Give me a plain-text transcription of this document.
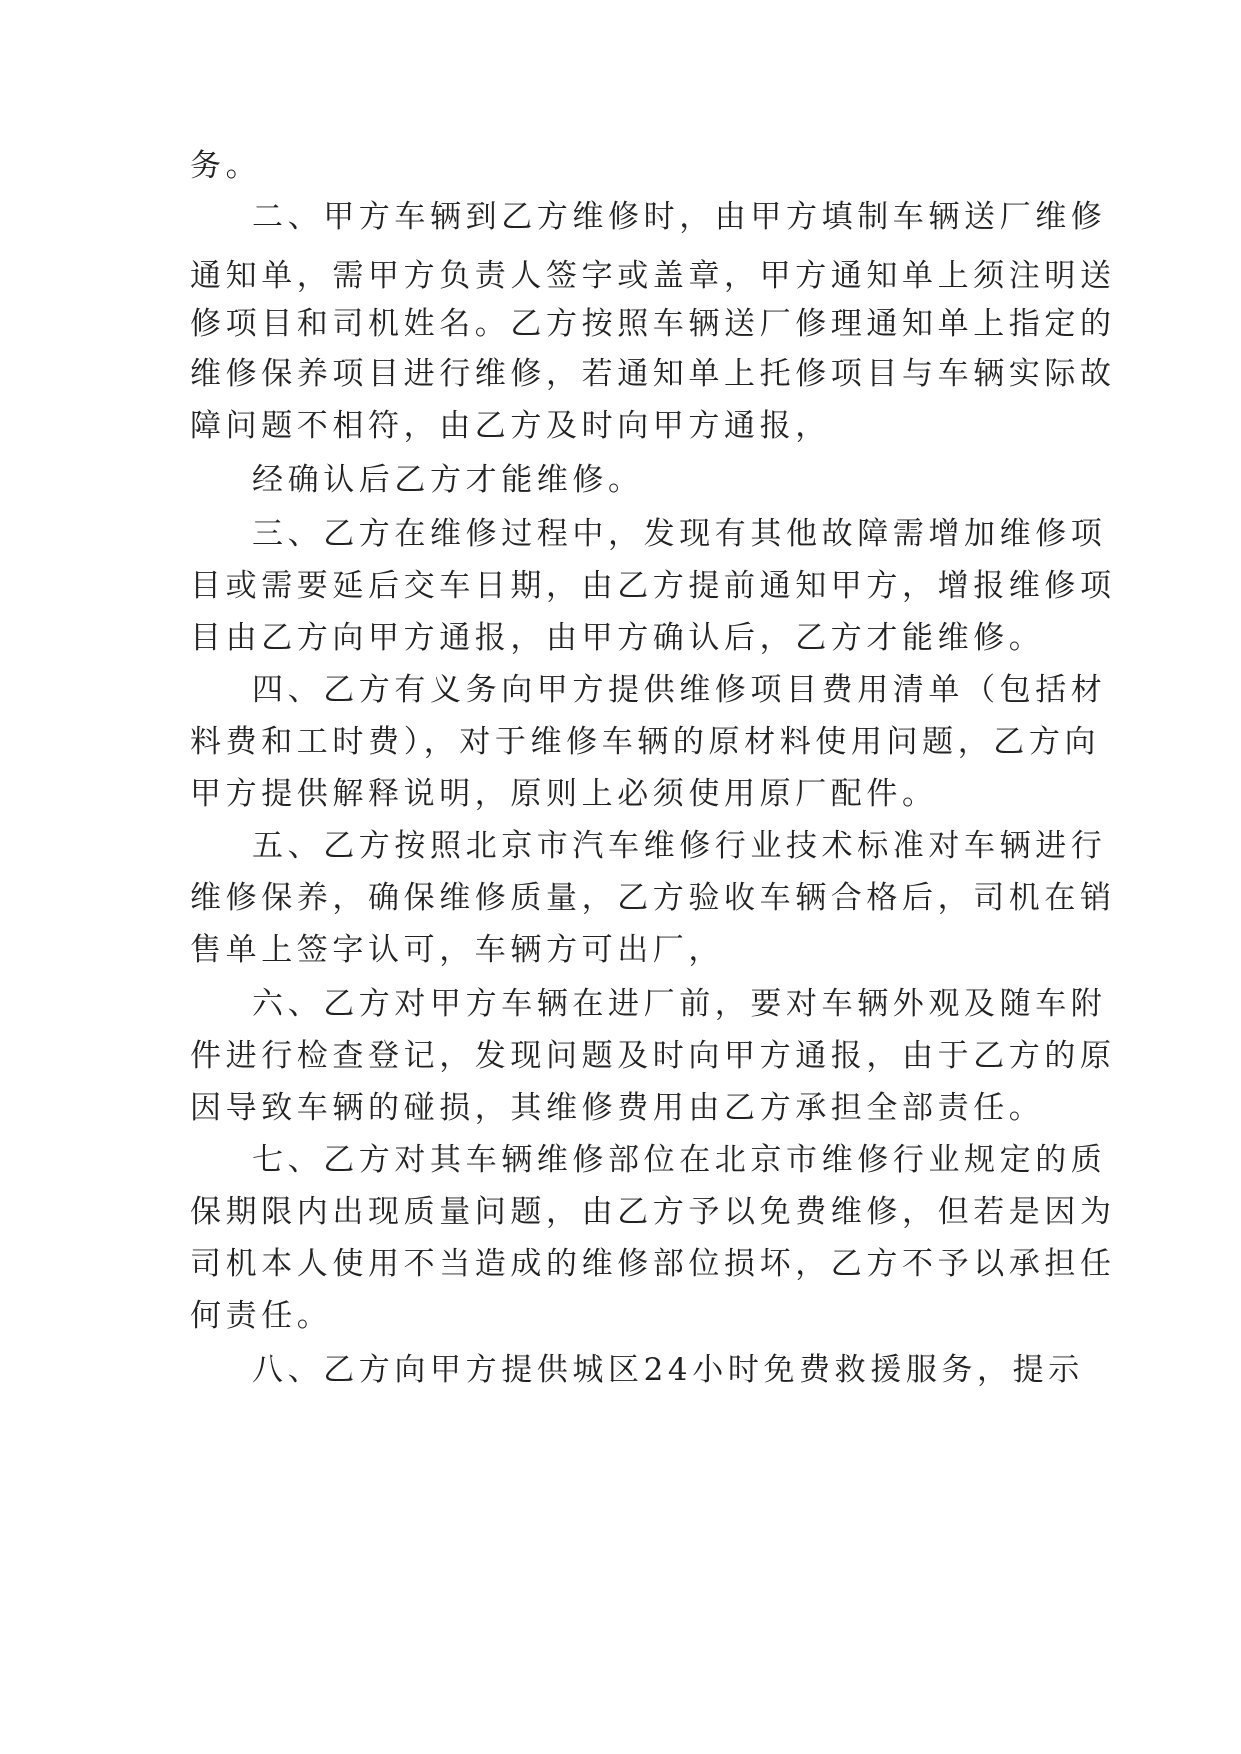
务。
二、甲方车辆到乙方维修时，由甲方填制车辆送厂维修
通知单，需甲方负责人签字或盖章，甲方通知单上须注明送
修项目和司机姓名。乙方按照车辆送厂修理通知单上指定的
维修保养项目进行维修，若通知单上托修项目与车辆实际故
障问题不相符，由乙方及时向甲方通报，
经确认后乙方才能维修。
三、乙方在维修过程中，发现有其他故障需增加维修项
目或需要延后交车日期，由乙方提前通知甲方，增报维修项
目由乙方向甲方通报，由甲方确认后，乙方才能维修。
四、乙方有义务向甲方提供维修项目费用清单（包括材
料费和工时费），对于维修车辆的原材料使用问题，乙方向
甲方提供解释说明，原则上必须使用原厂配件。
五、乙方按照北京市汽车维修行业技术标准对车辆进行
维修保养，确保维修质量，乙方验收车辆合格后，司机在销
售单上签字认可，车辆方可出厂，
六、乙方对甲方车辆在进厂前，要对车辆外观及随车附
件进行检查登记，发现问题及时向甲方通报，由于乙方的原
因导致车辆的碰损，其维修费用由乙方承担全部责任。
七、乙方对其车辆维修部位在北京市维修行业规定的质
保期限内出现质量问题，由乙方予以免费维修，但若是因为
司机本人使用不当造成的维修部位损坏，乙方不予以承担任
何责任。
八、乙方向甲方提供城区24小时免费救援服务，提示
